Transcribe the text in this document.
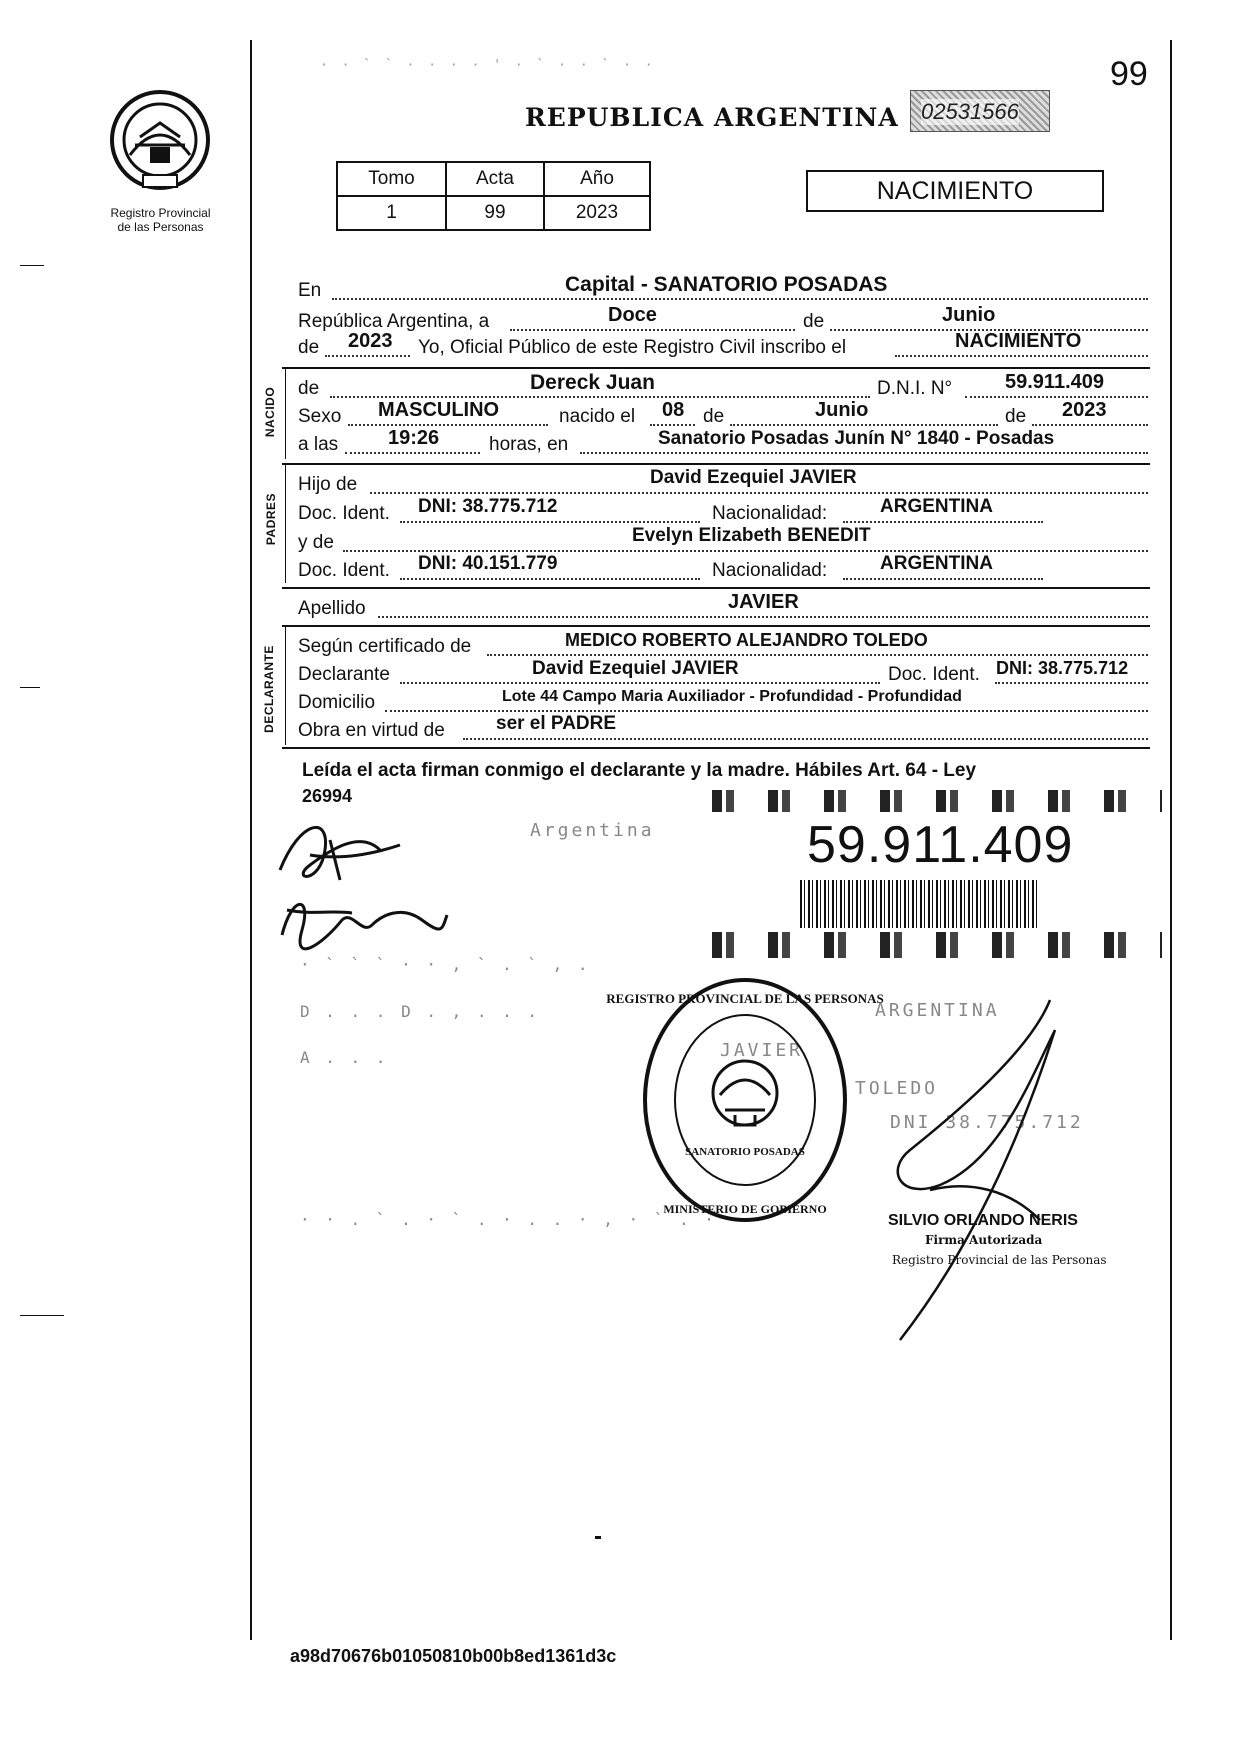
Registro Provincial
de las Personas
· · ` ` · · · · ' · ` · · ` · ·
REPUBLICA ARGENTINA 02531566
99
Tomo	Acta	Año
1	99	2023
NACIMIENTO
En	Capital - SANATORIO POSADAS
República Argentina, a	Doce	de	Junio
de 2023 Yo, Oficial Público de este Registro Civil inscribo el	NACIMIENTO
NACIDO de	Dereck Juan	D.N.I. N°	59.911.409
Sexo MASCULINO	nacido el 08 de	Junio	de 2023
a las 19:26	horas, en	Sanatorio Posadas Junín N° 1840 - Posadas
PADRES
Hijo de	David Ezequiel JAVIER
Doc. Ident. DNI: 38.775.712	Nacionalidad:	ARGENTINA
y de	Evelyn Elizabeth BENEDIT
Doc. Ident. DNI: 40.151.779	Nacionalidad:	ARGENTINA
Apellido	JAVIER
DECLARANTE Según certificado de	MEDICO ROBERTO ALEJANDRO TOLEDO
Declarante	David Ezequiel JAVIER	Doc. Ident. DNI: 38.775.712
Domicilio	Lote 44 Campo Maria Auxiliador - Profundidad - Profundidad
Obra en virtud de	ser el PADRE
Leída el acta firman conmigo el declarante y la madre. Hábiles Art. 64 - Ley
26994
59.911.409
Argentina
ARGENTINA
JAVIER
TOLEDO
DNI 38.775.712
· ` ` ` · · , ` . ` , .
D . . . D . , . . .
A . . .
· · . ` . · ` . · . . · , · ` . ·
REGISTRO PROVINCIAL DE LAS PERSONAS
SANATORIO POSADAS
MINISTERIO DE GOBIERNO
SILVIO ORLANDO NERIS
Firma Autorizada
Registro Provincial de las Personas
a98d70676b01050810b00b8ed1361d3c
